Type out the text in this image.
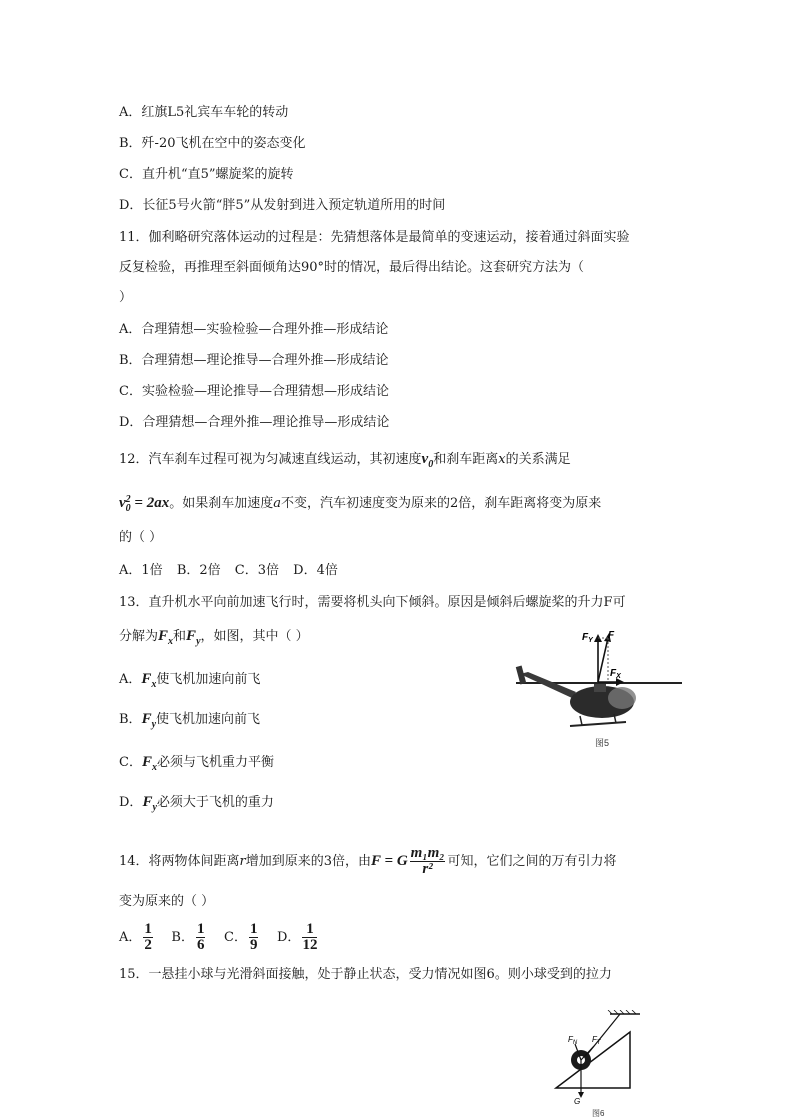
A．红旗L5礼宾车车轮的转动
B．歼-20飞机在空中的姿态变化
C．直升机“直5”螺旋桨的旋转
D．长征5号火箭“胖5”从发射到进入预定轨道所用的时间
11．伽利略研究落体运动的过程是：先猜想落体是最简单的变速运动，接着通过斜面实验
反复检验，再推理至斜面倾角达90°时的情况，最后得出结论。这套研究方法为（
）
A．合理猜想—实验检验—合理外推—形成结论
B．合理猜想—理论推导—合理外推—形成结论
C．实验检验—理论推导—合理猜想—形成结论
D．合理猜想—合理外推—理论推导—形成结论
12．汽车刹车过程可视为匀减速直线运动，其初速度$v_0$和刹车距离x的关系满足
v 2
0 = 2ax。如果刹车加速度a不变，汽车初速度变为原来的2倍，刹车距离将变为原来
的（ ）
A．1倍 B．2倍 C．3倍 D．4倍
13．直升机水平向前加速飞行时，需要将机头向下倾斜。原因是倾斜后螺旋桨的升力F可
分解为$F_x$和$F_y$，如图，其中（ ）
A．$F_x$使飞机加速向前飞
B．$F_y$使飞机加速向前飞
C．$F_x$必须与飞机重力平衡
D．$F_y$必须大于飞机的重力
$F_Y$ F
$F_X$
图5
14．将两物体间距离r增加到原来的3倍，由F = G $\frac{\text{m₁m₂}}{\text{r²}}$ 可知，它们之间的万有引力将
变为原来的（ ）
A． $\frac{1}{2}$ B． $\frac{1}{6}$ C． $\frac{1}{9}$ D． $\frac{1}{12}$
15．一悬挂小球与光滑斜面接触，处于静止状态，受力情况如图6。则小球受到的拉力
$F_N$ $F_T$
G
图6
